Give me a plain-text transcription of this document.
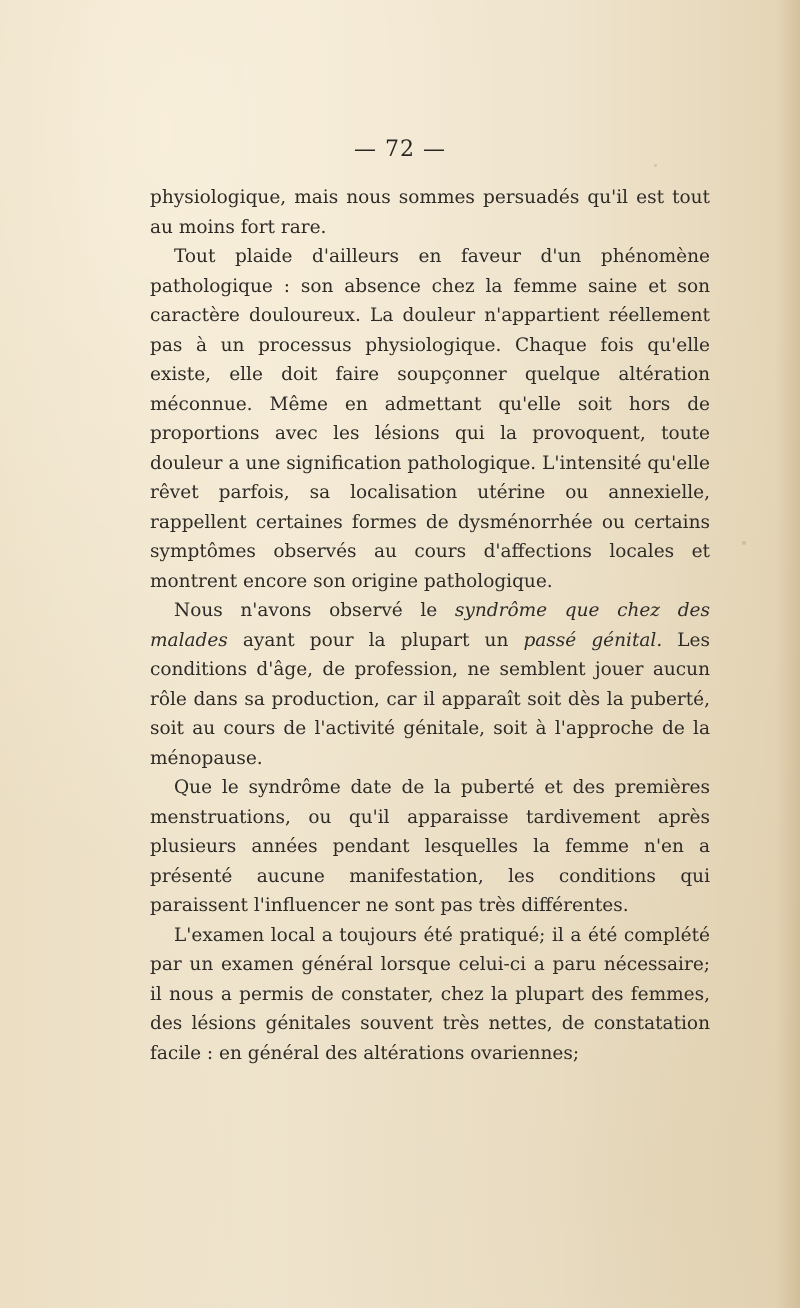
— 72 —

physiologique, mais nous sommes persuadés qu'il est tout au moins fort rare.

Tout plaide d'ailleurs en faveur d'un phénomène pathologique : son absence chez la femme saine et son caractère douloureux. La douleur n'appartient réellement pas à un processus physiologique. Chaque fois qu'elle existe, elle doit faire soupçonner quelque altération méconnue. Même en admettant qu'elle soit hors de proportions avec les lésions qui la provoquent, toute douleur a une signification pathologique. L'intensité qu'elle rêvet parfois, sa localisation utérine ou annexielle, rappellent certaines formes de dysménorrhée ou certains symptômes observés au cours d'affections locales et montrent encore son origine pathologique.

Nous n'avons observé le syndrôme que chez des malades ayant pour la plupart un passé génital. Les conditions d'âge, de profession, ne semblent jouer aucun rôle dans sa production, car il apparaît soit dès la puberté, soit au cours de l'activité génitale, soit à l'approche de la ménopause.

Que le syndrôme date de la puberté et des premières menstruations, ou qu'il apparaisse tardivement après plusieurs années pendant lesquelles la femme n'en a présenté aucune manifestation, les conditions qui paraissent l'influencer ne sont pas très différentes.

L'examen local a toujours été pratiqué; il a été complété par un examen général lorsque celui-ci a paru nécessaire; il nous a permis de constater, chez la plupart des femmes, des lésions génitales souvent très nettes, de constatation facile : en général des altérations ovariennes;
